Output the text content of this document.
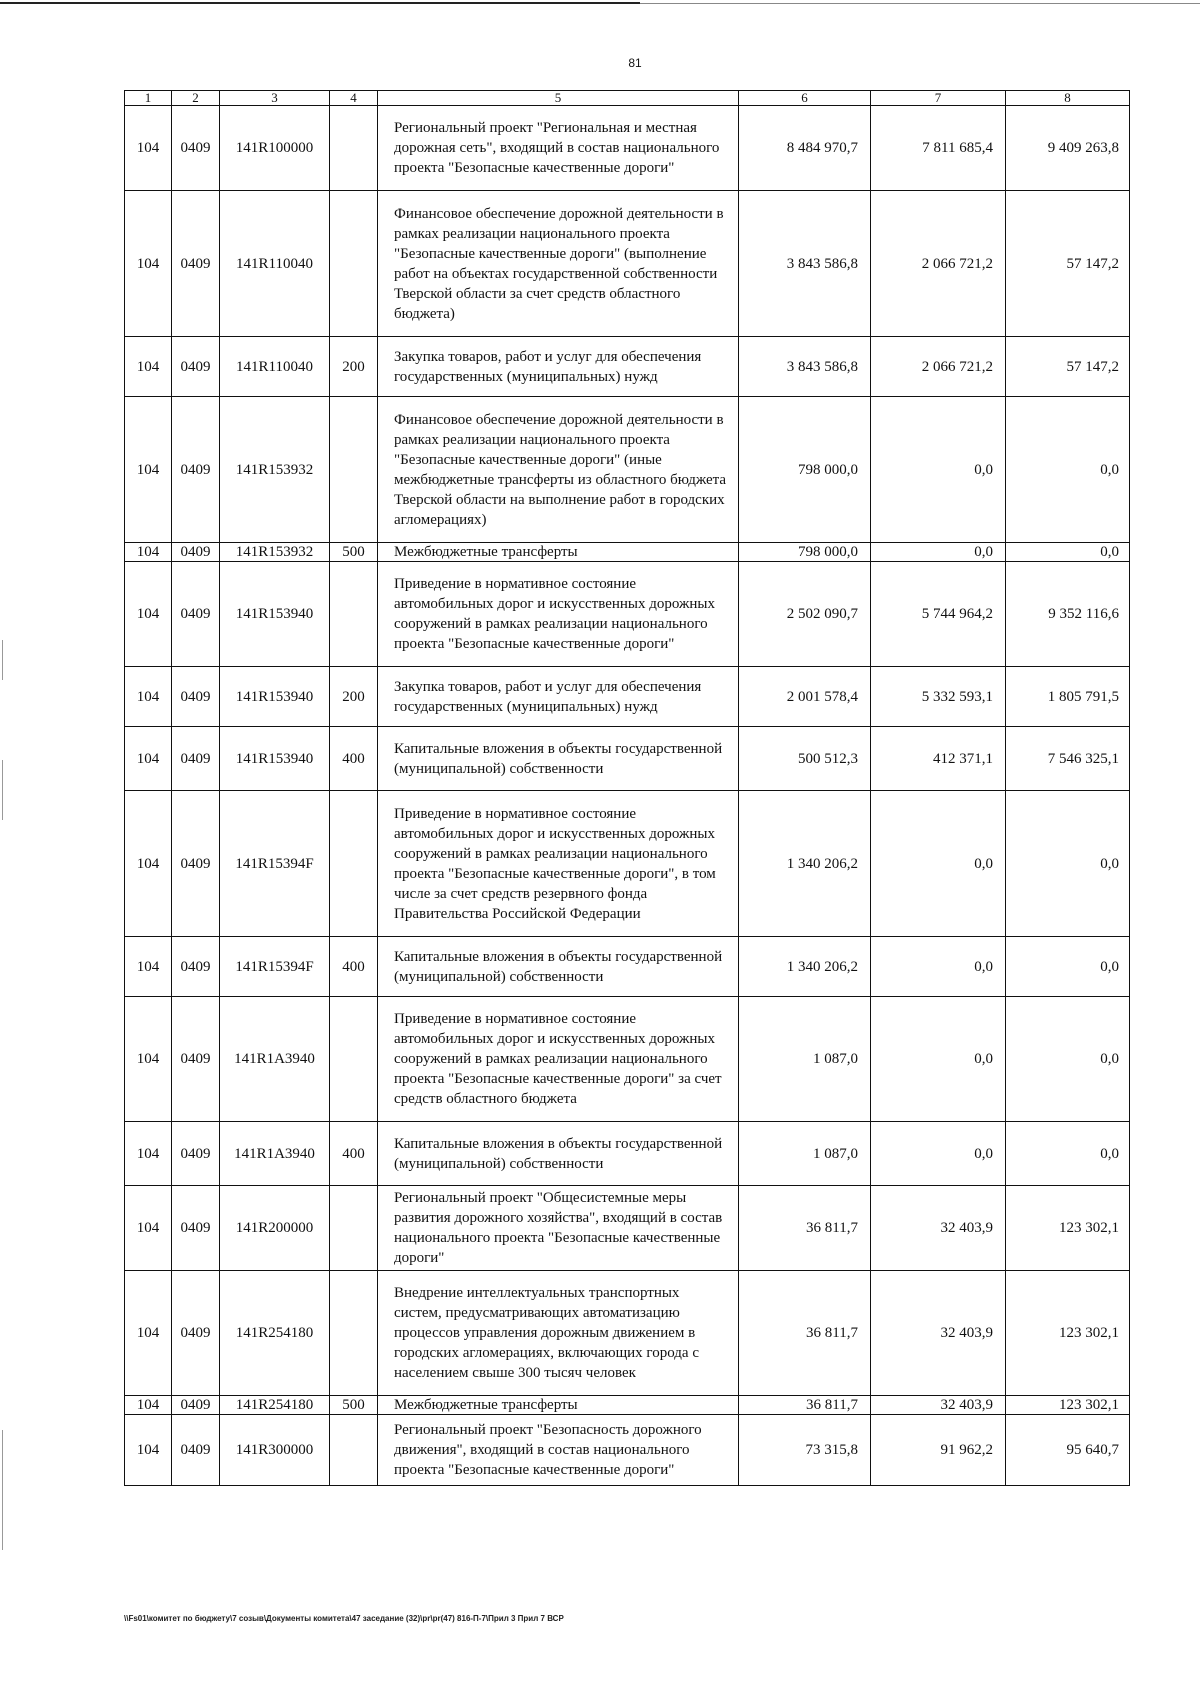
81
1	2	3	4	5	6	7	8
104	0409	141R100000		Региональный проект "Региональная и местная дорожная сеть", входящий в состав национального проекта "Безопасные качественные дороги"	8 484 970,7	7 811 685,4	9 409 263,8
104	0409	141R110040		Финансовое обеспечение дорожной деятельности в рамках реализации национального проекта "Безопасные качественные дороги" (выполнение работ на объектах государственной собственности Тверской области за счет средств областного бюджета)	3 843 586,8	2 066 721,2	57 147,2
104	0409	141R110040	200	Закупка товаров, работ и услуг для обеспечения государственных (муниципальных) нужд	3 843 586,8	2 066 721,2	57 147,2
104	0409	141R153932		Финансовое обеспечение дорожной деятельности в рамках реализации национального проекта "Безопасные качественные дороги" (иные межбюджетные трансферты из областного бюджета Тверской области на выполнение работ в городских агломерациях)	798 000,0	0,0	0,0
104	0409	141R153932	500	Межбюджетные трансферты	798 000,0	0,0	0,0
104	0409	141R153940		Приведение в нормативное состояние автомобильных дорог и искусственных дорожных сооружений в рамках реализации национального проекта "Безопасные качественные дороги"	2 502 090,7	5 744 964,2	9 352 116,6
104	0409	141R153940	200	Закупка товаров, работ и услуг для обеспечения государственных (муниципальных) нужд	2 001 578,4	5 332 593,1	1 805 791,5
104	0409	141R153940	400	Капитальные вложения в объекты государственной (муниципальной) собственности	500 512,3	412 371,1	7 546 325,1
104	0409	141R15394F		Приведение в нормативное состояние автомобильных дорог и искусственных дорожных сооружений в рамках реализации национального проекта "Безопасные качественные дороги", в том числе за счет средств резервного фонда Правительства Российской Федерации	1 340 206,2	0,0	0,0
104	0409	141R15394F	400	Капитальные вложения в объекты государственной (муниципальной) собственности	1 340 206,2	0,0	0,0
104	0409	141R1A3940		Приведение в нормативное состояние автомобильных дорог и искусственных дорожных сооружений в рамках реализации национального проекта "Безопасные качественные дороги" за счет средств областного бюджета	1 087,0	0,0	0,0
104	0409	141R1A3940	400	Капитальные вложения в объекты государственной (муниципальной) собственности	1 087,0	0,0	0,0
104	0409	141R200000		Региональный проект "Общесистемные меры развития дорожного хозяйства", входящий в состав национального проекта "Безопасные качественные дороги"	36 811,7	32 403,9	123 302,1
104	0409	141R254180		Внедрение интеллектуальных транспортных систем, предусматривающих автоматизацию процессов управления дорожным движением в городских агломерациях, включающих города с населением свыше 300 тысяч человек	36 811,7	32 403,9	123 302,1
104	0409	141R254180	500	Межбюджетные трансферты	36 811,7	32 403,9	123 302,1
104	0409	141R300000		Региональный проект "Безопасность дорожного движения", входящий в состав национального проекта "Безопасные качественные дороги"	73 315,8	91 962,2	95 640,7
\\Fs01\комитет по бюджету\7 созыв\Документы комитета\47 заседание (32)\pr\pr(47) 816-П-7\Прил 3 Прил 7 ВСР
